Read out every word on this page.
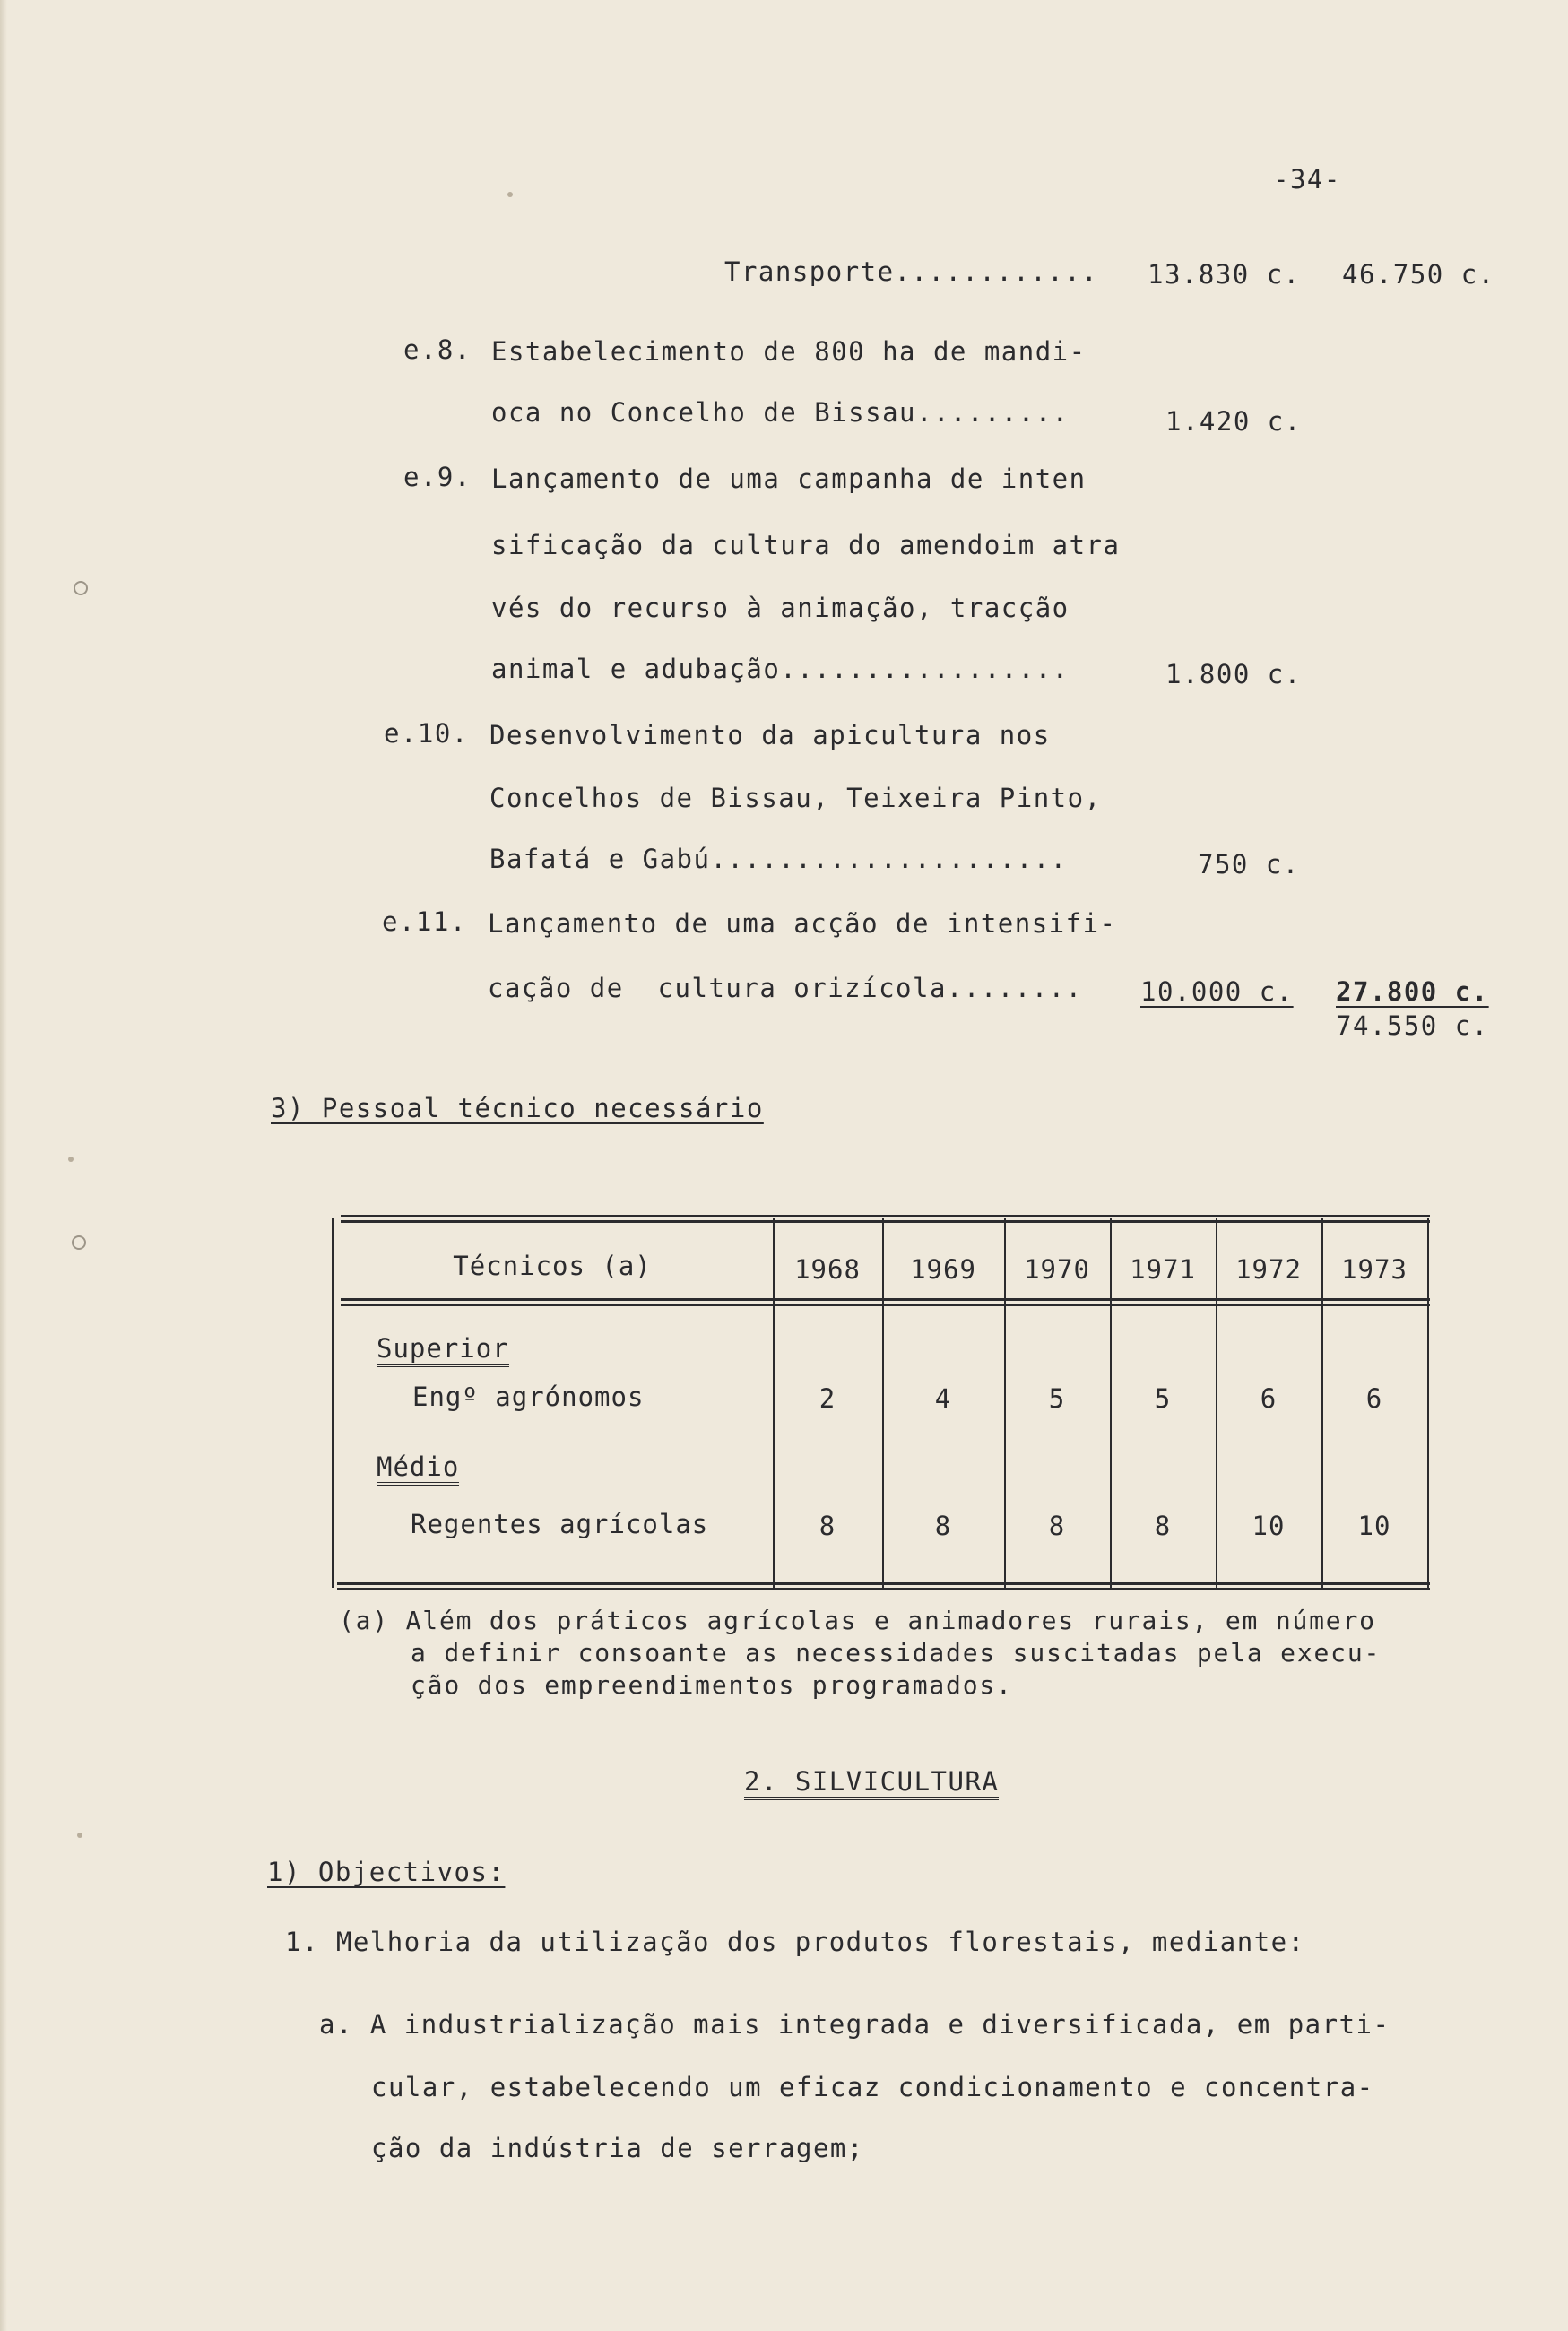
-34-
Transporte............ 13.830 c. 46.750 c.
e.8. Estabelecimento de 800 ha de mandi-
oca no Concelho de Bissau.........	1.420 c.
e.9. Lançamento de uma campanha de inten
sificação da cultura do amendoim atra
vés do recurso à animação, tracção
animal e adubação.................	1.800 c.
e.10. Desenvolvimento da apicultura nos
Concelhos de Bissau, Teixeira Pinto,
Bafatá e Gabú.....................	750 c.
e.11. Lançamento de uma acção de intensifi-
cação de  cultura orizícola........ 10.000 c. 27.800 c.
74.550 c.
3) Pessoal técnico necessário
Técnicos (a)	1968	1969	1970	1971	1972	1973
Superior
Engº agrónomos	2	4	5	5	6	6
Médio
Regentes agrícolas	8	8	8	8	10	10
(a) Além dos práticos agrícolas e animadores rurais, em número
a definir consoante as necessidades suscitadas pela execu-
ção dos empreendimentos programados.
2. SILVICULTURA
1) Objectivos:
1. Melhoria da utilização dos produtos florestais, mediante:
a. A industrialização mais integrada e diversificada, em parti-
cular, estabelecendo um eficaz condicionamento e concentra-
ção da indústria de serragem;
